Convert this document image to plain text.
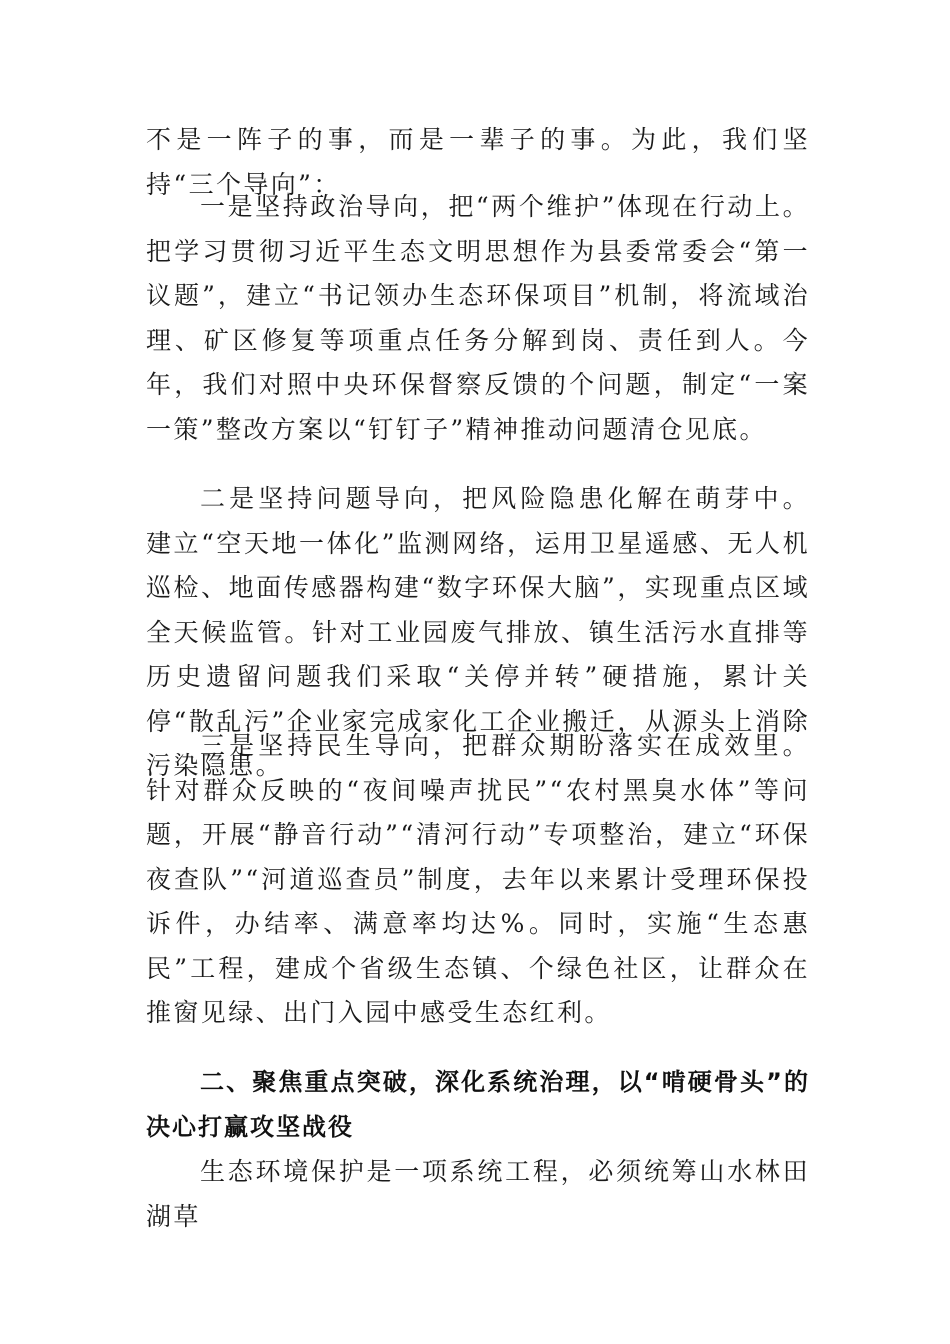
不是一阵子的事，而是一辈子的事。为此，我们坚持“三个导向”：

一是坚持政治导向，把“两个维护”体现在行动上。把学习贯彻习近平生态文明思想作为县委常委会“第一议题”，建立“书记领办生态环保项目”机制，将流域治理、矿区修复等项重点任务分解到岗、责任到人。今年，我们对照中央环保督察反馈的个问题，制定“一案一策”整改方案以“钉钉子”精神推动问题清仓见底。

二是坚持问题导向，把风险隐患化解在萌芽中。 建立“空天地一体化”监测网络，运用卫星遥感、无人机巡检、地面传感器构建“数字环保大脑”，实现重点区域全天候监管。针对工业园废气排放、镇生活污水直排等历史遗留问题我们采取“关停并转”硬措施，累计关停“散乱污”企业家完成家化工企业搬迁，从源头上消除污染隐患。

三是坚持民生导向，把群众期盼落实在成效里。 针对群众反映的“夜间噪声扰民”“农村黑臭水体”等问题，开展“静音行动”“清河行动”专项整治，建立“环保夜查队”“河道巡查员”制度，去年以来累计受理环保投诉件，办结率、满意率均达%。同时，实施“生态惠民”工程，建成个省级生态镇、个绿色社区，让群众在推窗见绿、出门入园中感受生态红利。

二、聚焦重点突破，深化系统治理，以“啃硬骨头”的决心打赢攻坚战役

生态环境保护是一项系统工程，必须统筹山水林田湖草
